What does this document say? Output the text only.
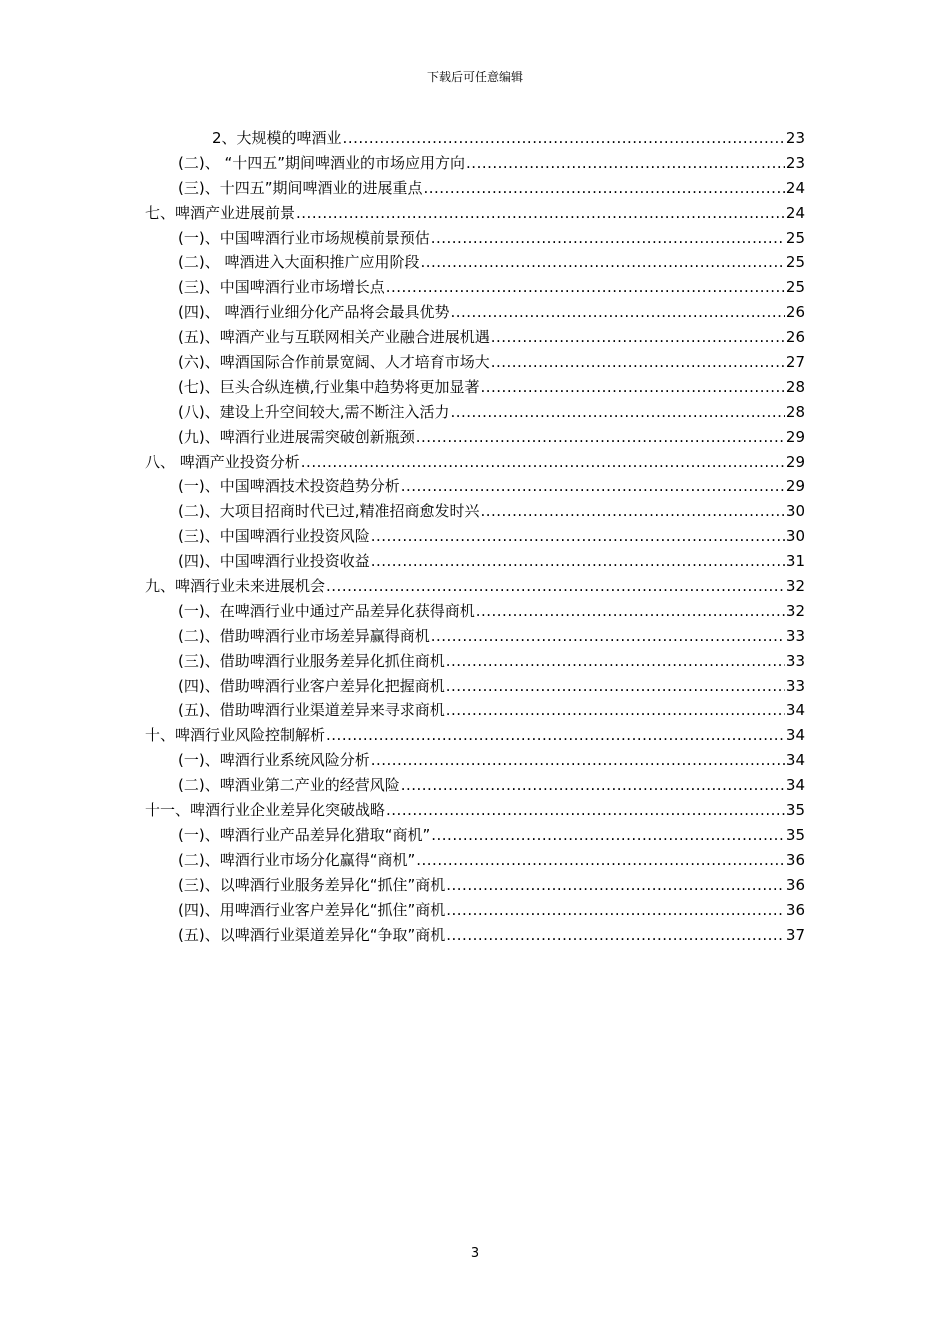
下载后可任意编辑
2、大规模的啤酒业 .....	23
(二)、 “十四五”期间啤酒业的市场应用方向 .....	23
(三)、十四五”期间啤酒业的进展重点 .....	24
七、啤酒产业进展前景 .....	24
(一)、中国啤酒行业市场规模前景预估 .....	25
(二)、 啤酒进入大面积推广应用阶段 .....	25
(三)、中国啤酒行业市场增长点 .....	25
(四)、 啤酒行业细分化产品将会最具优势 .....	26
(五)、啤酒产业与互联网相关产业融合进展机遇 .....	26
(六)、啤酒国际合作前景宽阔、人才培育市场大 .....	27
(七)、巨头合纵连横,行业集中趋势将更加显著 .....	28
(八)、建设上升空间较大,需不断注入活力 .....	28
(九)、啤酒行业进展需突破创新瓶颈 .....	29
八、 啤酒产业投资分析 .....	29
(一)、中国啤酒技术投资趋势分析 .....	29
(二)、大项目招商时代已过,精准招商愈发时兴 .....	30
(三)、中国啤酒行业投资风险 .....	30
(四)、中国啤酒行业投资收益 .....	31
九、啤酒行业未来进展机会 .....	32
(一)、在啤酒行业中通过产品差异化获得商机 .....	32
(二)、借助啤酒行业市场差异赢得商机 .....	33
(三)、借助啤酒行业服务差异化抓住商机 .....	33
(四)、借助啤酒行业客户差异化把握商机 .....	33
(五)、借助啤酒行业渠道差异来寻求商机 .....	34
十、啤酒行业风险控制解析 .....	34
(一)、啤酒行业系统风险分析 .....	34
(二)、啤酒业第二产业的经营风险 .....	34
十一、啤酒行业企业差异化突破战略 .....	35
(一)、啤酒行业产品差异化猎取“商机” .....	35
(二)、啤酒行业市场分化赢得“商机” .....	36
(三)、以啤酒行业服务差异化“抓住”商机 .....	36
(四)、用啤酒行业客户差异化“抓住”商机 .....	36
(五)、以啤酒行业渠道差异化“争取”商机 .....	37
3
